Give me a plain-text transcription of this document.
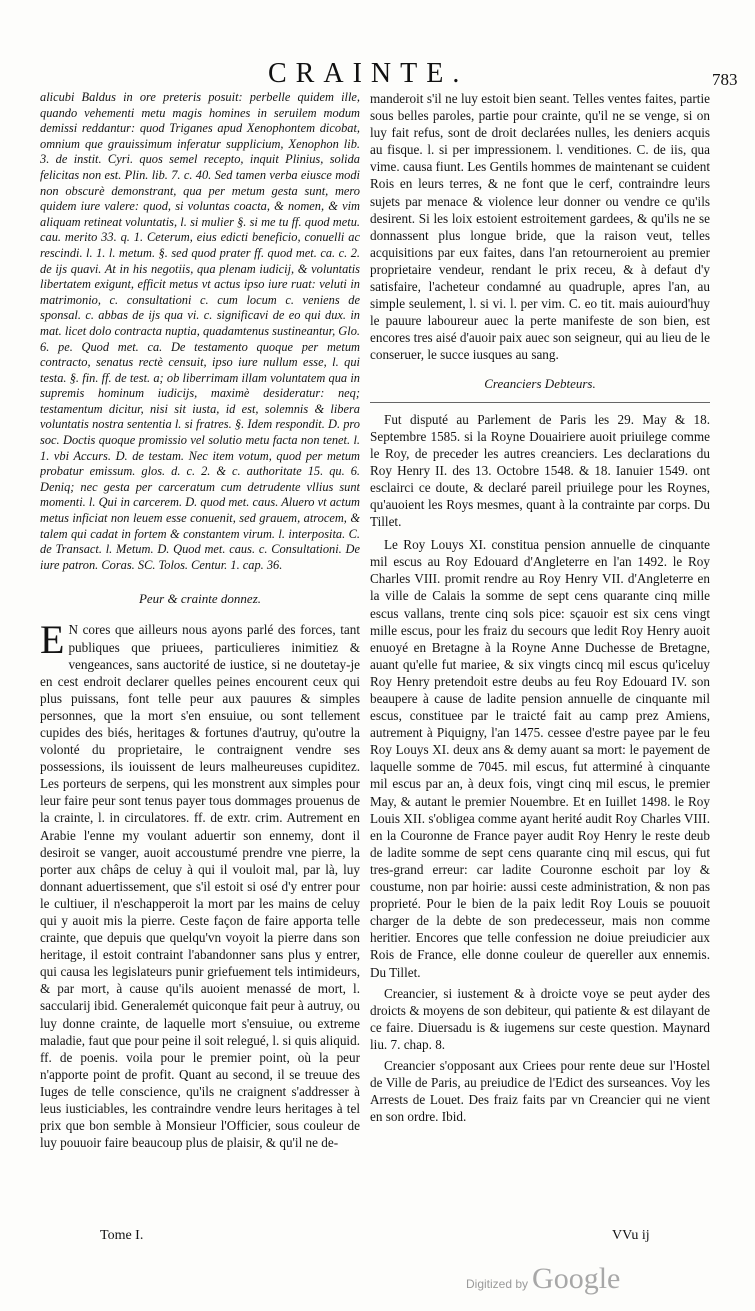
CRAINTE.	783

alicubi Baldus in ore preteris posuit: perbelle quidem ille, quando vehementi metu magis homines in seruilem modum demissi reddantur: quod Triganes apud Xenophontem dicobat, omnium que grauissimum inferatur supplicium, Xenophon lib. 3. de instit. Cyri. quos semel recepto, inquit Plinius, solida felicitas non est. Plin. lib. 7. c. 40. Sed tamen verba eiusce modi non obscurè demonstrant, qua per metum gesta sunt, mero quidem iure valere: quod, si voluntas coacta, & nomen, & vim aliquam retineat voluntatis, l. si mulier §. si me tu ff. quod metu. cau. merito 33. q. 1. Ceterum, eius edicti beneficio, conuelli ac rescindi. l. 1. l. metum. §. sed quod prater ff. quod met. ca. c. 2. de ijs quavi. At in his negotiis, qua plenam iudicij, & voluntatis libertatem exigunt, efficit metus vt actus ipso iure ruat: veluti in matrimonio, c. consultationi c. cum locum c. veniens de sponsal. c. abbas de ijs qua vi. c. significavi de eo qui dux. in mat. licet dolo contracta nuptia, quadamtenus sustineantur, Glo. 6. pe. Quod met. ca. De testamento quoque per metum contracto, senatus rectè censuit, ipso iure nullum esse, l. qui testa. §. fin. ff. de test. a; ob liberrimam illam voluntatem qua in supremis hominum iudicijs, maximè desideratur: neq; testamentum dicitur, nisi sit iusta, id est, solemnis & libera voluntatis nostra sententia l. si fratres. §. Idem respondit. D. pro soc. Doctis quoque promissio vel solutio metu facta non tenet. l. 1. vbi Accurs. D. de testam. Nec item votum, quod per metum probatur emissum. glos. d. c. 2. & c. authoritate 15. qu. 6. Deniq; nec gesta per carceratum cum detrudente vllius sunt momenti. l. Qui in carcerem. D. quod met. caus. Aluero vt actum metus inficiat non leuem esse conuenit, sed grauem, atrocem, & talem qui cadat in fortem & constantem virum. l. interposita. C. de Transact. l. Metum. D. Quod met. caus. c. Consultationi. De iure patron. Coras. SC. Tolos. Centur. 1. cap. 36.

Peur & crainte donnez.

E N cores que ailleurs nous ayons parlé des forces, tant publiques que priuees, particulieres inimitiez & vengeances, sans auctorité de iustice, si ne doutetay-je en cest endroit declarer quelles peines encourent ceux qui plus puissans, font telle peur aux pauures & simples personnes, que la mort s'en ensuiue, ou sont tellement cupides des biés, heritages & fortunes d'autruy, qu'outre la volonté du proprietaire, le contraignent vendre ses possessions, ils iouissent de leurs malheureuses cupiditez. Les porteurs de serpens, qui les monstrent aux simples pour leur faire peur sont tenus payer tous dommages prouenus de la crainte, l. in circulatores. ff. de extr. crim. Autrement en Arabie l'enne my voulant aduertir son ennemy, dont il desiroit se vanger, auoit accoustumé prendre vne pierre, la porter aux châps de celuy à qui il vouloit mal, par là, luy donnant aduertissement, que s'il estoit si osé d'y entrer pour le cultiuer, il n'eschapperoit la mort par les mains de celuy qui y auoit mis la pierre. Ceste façon de faire apporta telle crainte, que depuis que quelqu'vn voyoit la pierre dans son heritage, il estoit contraint l'abandonner sans plus y entrer, qui causa les legislateurs punir griefuement tels intimideurs, & par mort, à cause qu'ils auoient menassé de mort, l. saccularij ibid. Generalemét quiconque fait peur à autruy, ou luy donne crainte, de laquelle mort s'ensuiue, ou extreme maladie, faut que pour peine il soit relegué, l. si quis aliquid. ff. de poenis. voila pour le premier point, où la peur n'apporte point de profit. Quant au second, il se treuue des Iuges de telle conscience, qu'ils ne craignent s'addresser à leus iusticiables, les contraindre vendre leurs heritages à tel prix que bon semble à Monsieur l'Officier, sous couleur de luy pouuoir faire beaucoup plus de plaisir, & qu'il ne de-

manderoit s'il ne luy estoit bien seant. Telles ventes faites, partie sous belles paroles, partie pour crainte, qu'il ne se venge, si on luy fait refus, sont de droit declarées nulles, les deniers acquis au fisque. l. si per impressionem. l. venditiones. C. de iis, qua vime. causa fiunt. Les Gentils hommes de maintenant se cuident Rois en leurs terres, & ne font que le cerf, contraindre leurs sujets par menace & violence leur donner ou vendre ce qu'ils desirent. Si les loix estoient estroitement gardees, & qu'ils ne se donnassent plus longue bride, que la raison veut, telles acquisitions par eux faites, dans l'an retourneroient au premier proprietaire vendeur, rendant le prix receu, & à defaut d'y satisfaire, l'acheteur condamné au quadruple, apres l'an, au simple seulement, l. si vi. l. per vim. C. eo tit. mais auiourd'huy le pauure laboureur auec la perte manifeste de son bien, est encores tres aisé d'auoir paix auec son seigneur, qui au lieu de le conseruer, le succe iusques au sang.

Creanciers Debteurs.

Fut disputé au Parlement de Paris les 29. May & 18. Septembre 1585. si la Royne Douairiere auoit priuilege comme le Roy, de preceder les autres creanciers. Les declarations du Roy Henry II. des 13. Octobre 1548. & 18. Ianuier 1549. ont esclairci ce doute, & declaré pareil priuilege pour les Roynes, qu'auoient les Roys mesmes, quant à la contrainte par corps. Du Tillet.

Le Roy Louys XI. constitua pension annuelle de cinquante mil escus au Roy Edouard d'Angleterre en l'an 1492. le Roy Charles VIII. promit rendre au Roy Henry VII. d'Angleterre en la ville de Calais la somme de sept cens quarante cinq mille escus vallans, trente cinq sols pice: sçauoir est six cens vingt mille escus, pour les fraiz du secours que ledit Roy Henry auoit enuoyé en Bretagne à la Royne Anne Duchesse de Bretagne, auant qu'elle fut mariee, & six vingts cincq mil escus qu'iceluy Roy Henry pretendoit estre deubs au feu Roy Edouard IV. son beaupere à cause de ladite pension annuelle de cinquante mil escus, constituee par le traicté fait au camp prez Amiens, autrement à Piquigny, l'an 1475. cessee d'estre payee par le feu Roy Louys XI. deux ans & demy auant sa mort: le payement de laquelle somme de 7045. mil escus, fut atterminé à cinquante mil escus par an, à deux fois, vingt cinq mil escus, le premier May, & autant le premier Nouembre. Et en Iuillet 1498. le Roy Louis XII. s'obligea comme ayant herité audit Roy Charles VIII. en la Couronne de France payer audit Roy Henry le reste deub de ladite somme de sept cens quarante cinq mil escus, qui fut tres-grand erreur: car ladite Couronne eschoit par loy & coustume, non par hoirie: aussi ceste administration, & non pas proprieté. Pour le bien de la paix ledit Roy Louis se pouuoit charger de la debte de son predecesseur, mais non comme heritier. Encores que telle confession ne doiue preiudicier aux Rois de France, elle donne couleur de quereller aux ennemis. Du Tillet.

Creancier, si iustement & à droicte voye se peut ayder des droicts & moyens de son debiteur, qui patiente & est dilayant de ce faire. Diuersadu is & iugemens sur ceste question. Maynard liu. 7. chap. 8.

Creancier s'opposant aux Criees pour rente deue sur l'Hostel de Ville de Paris, au preiudice de l'Edict des surseances. Voy les Arrests de Louet. Des fraiz faits par vn Creancier qui ne vient en son ordre. Ibid.

Tome I.	VVu ij
Digitized by Google
